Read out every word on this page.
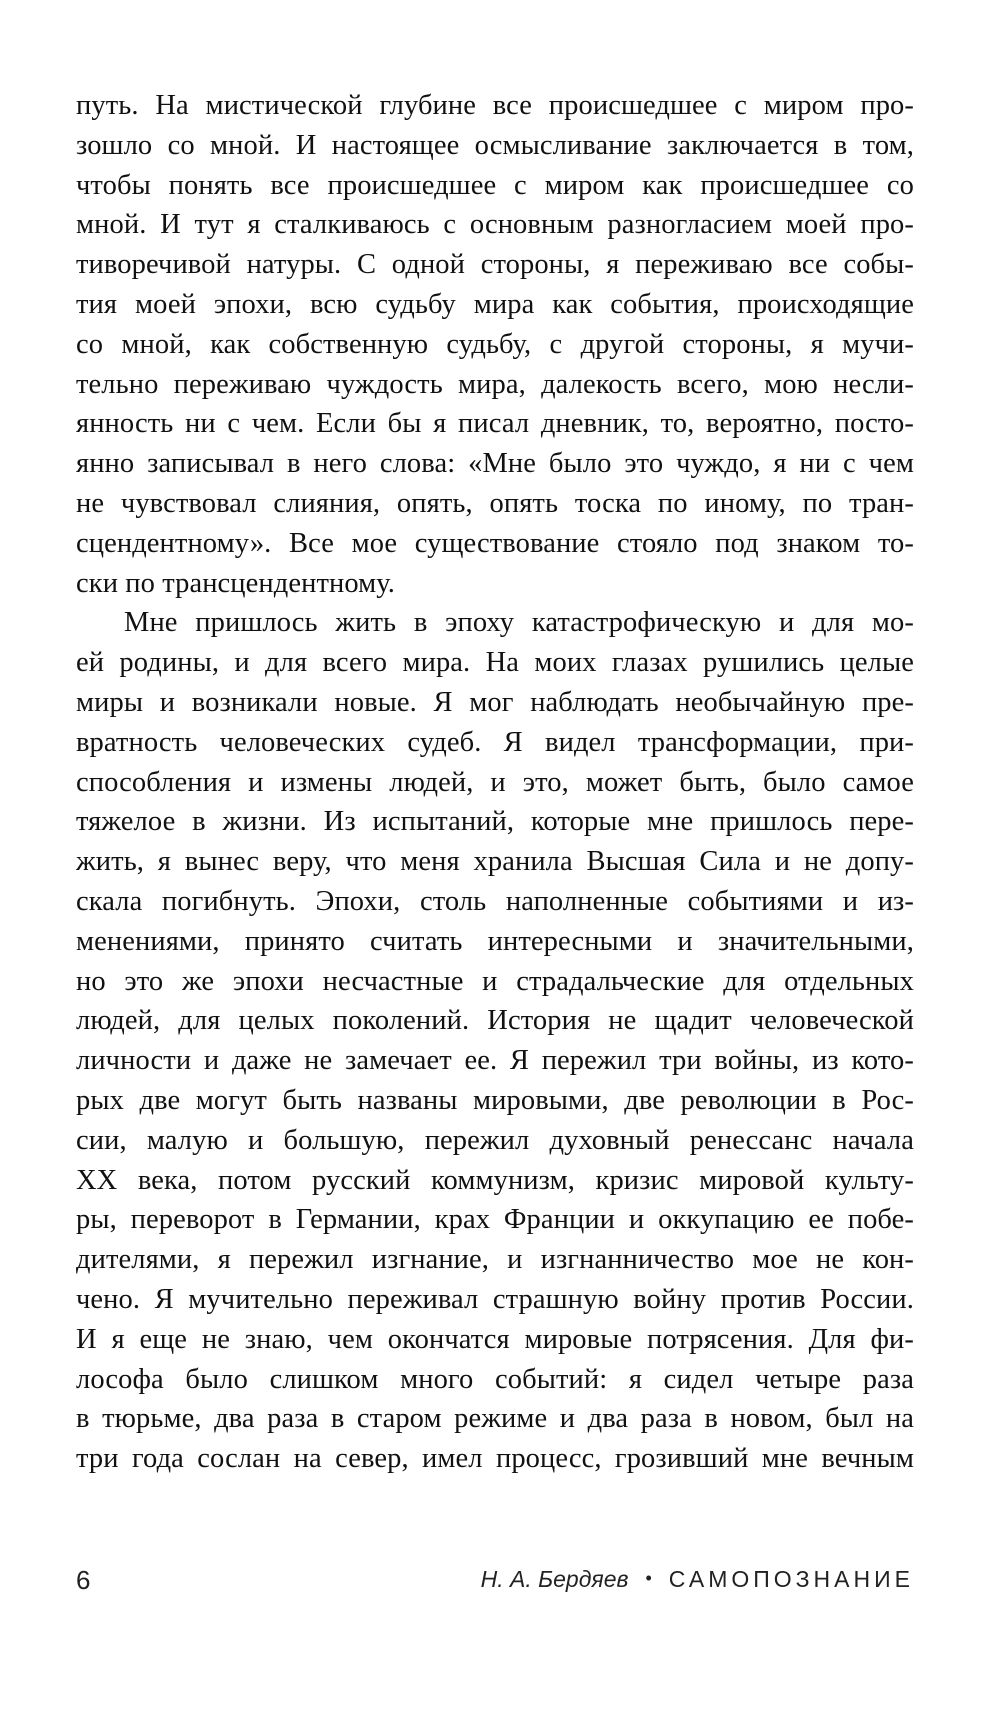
путь. На мистической глубине все происшедшее с миром про-
зошло со мной. И настоящее осмысливание заключается в том,
чтобы понять все происшедшее с миром как происшедшее со
мной. И тут я сталкиваюсь с основным разногласием моей про-
тиворечивой натуры. С одной стороны, я переживаю все собы-
тия моей эпохи, всю судьбу мира как события, происходящие
со мной, как собственную судьбу, с другой стороны, я мучи-
тельно переживаю чуждость мира, далекость всего, мою несли-
янность ни с чем. Если бы я писал дневник, то, вероятно, посто-
янно записывал в него слова: «Мне было это чуждо, я ни с чем
не чувствовал слияния, опять, опять тоска по иному, по тран-
сцендентному». Все мое существование стояло под знаком то-
ски по трансцендентному.
Мне пришлось жить в эпоху катастрофическую и для мо-
ей родины, и для всего мира. На моих глазах рушились целые
миры и возникали новые. Я мог наблюдать необычайную пре-
вратность человеческих судеб. Я видел трансформации, при-
способления и измены людей, и это, может быть, было самое
тяжелое в жизни. Из испытаний, которые мне пришлось пере-
жить, я вынес веру, что меня хранила Высшая Сила и не допу-
скала погибнуть. Эпохи, столь наполненные событиями и из-
менениями, принято считать интересными и значительными,
но это же эпохи несчастные и страдальческие для отдельных
людей, для целых поколений. История не щадит человеческой
личности и даже не замечает ее. Я пережил три войны, из кото-
рых две могут быть названы мировыми, две революции в Рос-
сии, малую и большую, пережил духовный ренессанс начала
XX века, потом русский коммунизм, кризис мировой культу-
ры, переворот в Германии, крах Франции и оккупацию ее побе-
дителями, я пережил изгнание, и изгнанничество мое не кон-
чено. Я мучительно переживал страшную войну против России.
И я еще не знаю, чем окончатся мировые потрясения. Для фи-
лософа было слишком много событий: я сидел четыре раза
в тюрьме, два раза в старом режиме и два раза в новом, был на
три года сослан на север, имел процесс, грозивший мне вечным
6	Н. А. Бердяев • САМОПОЗНАНИЕ
